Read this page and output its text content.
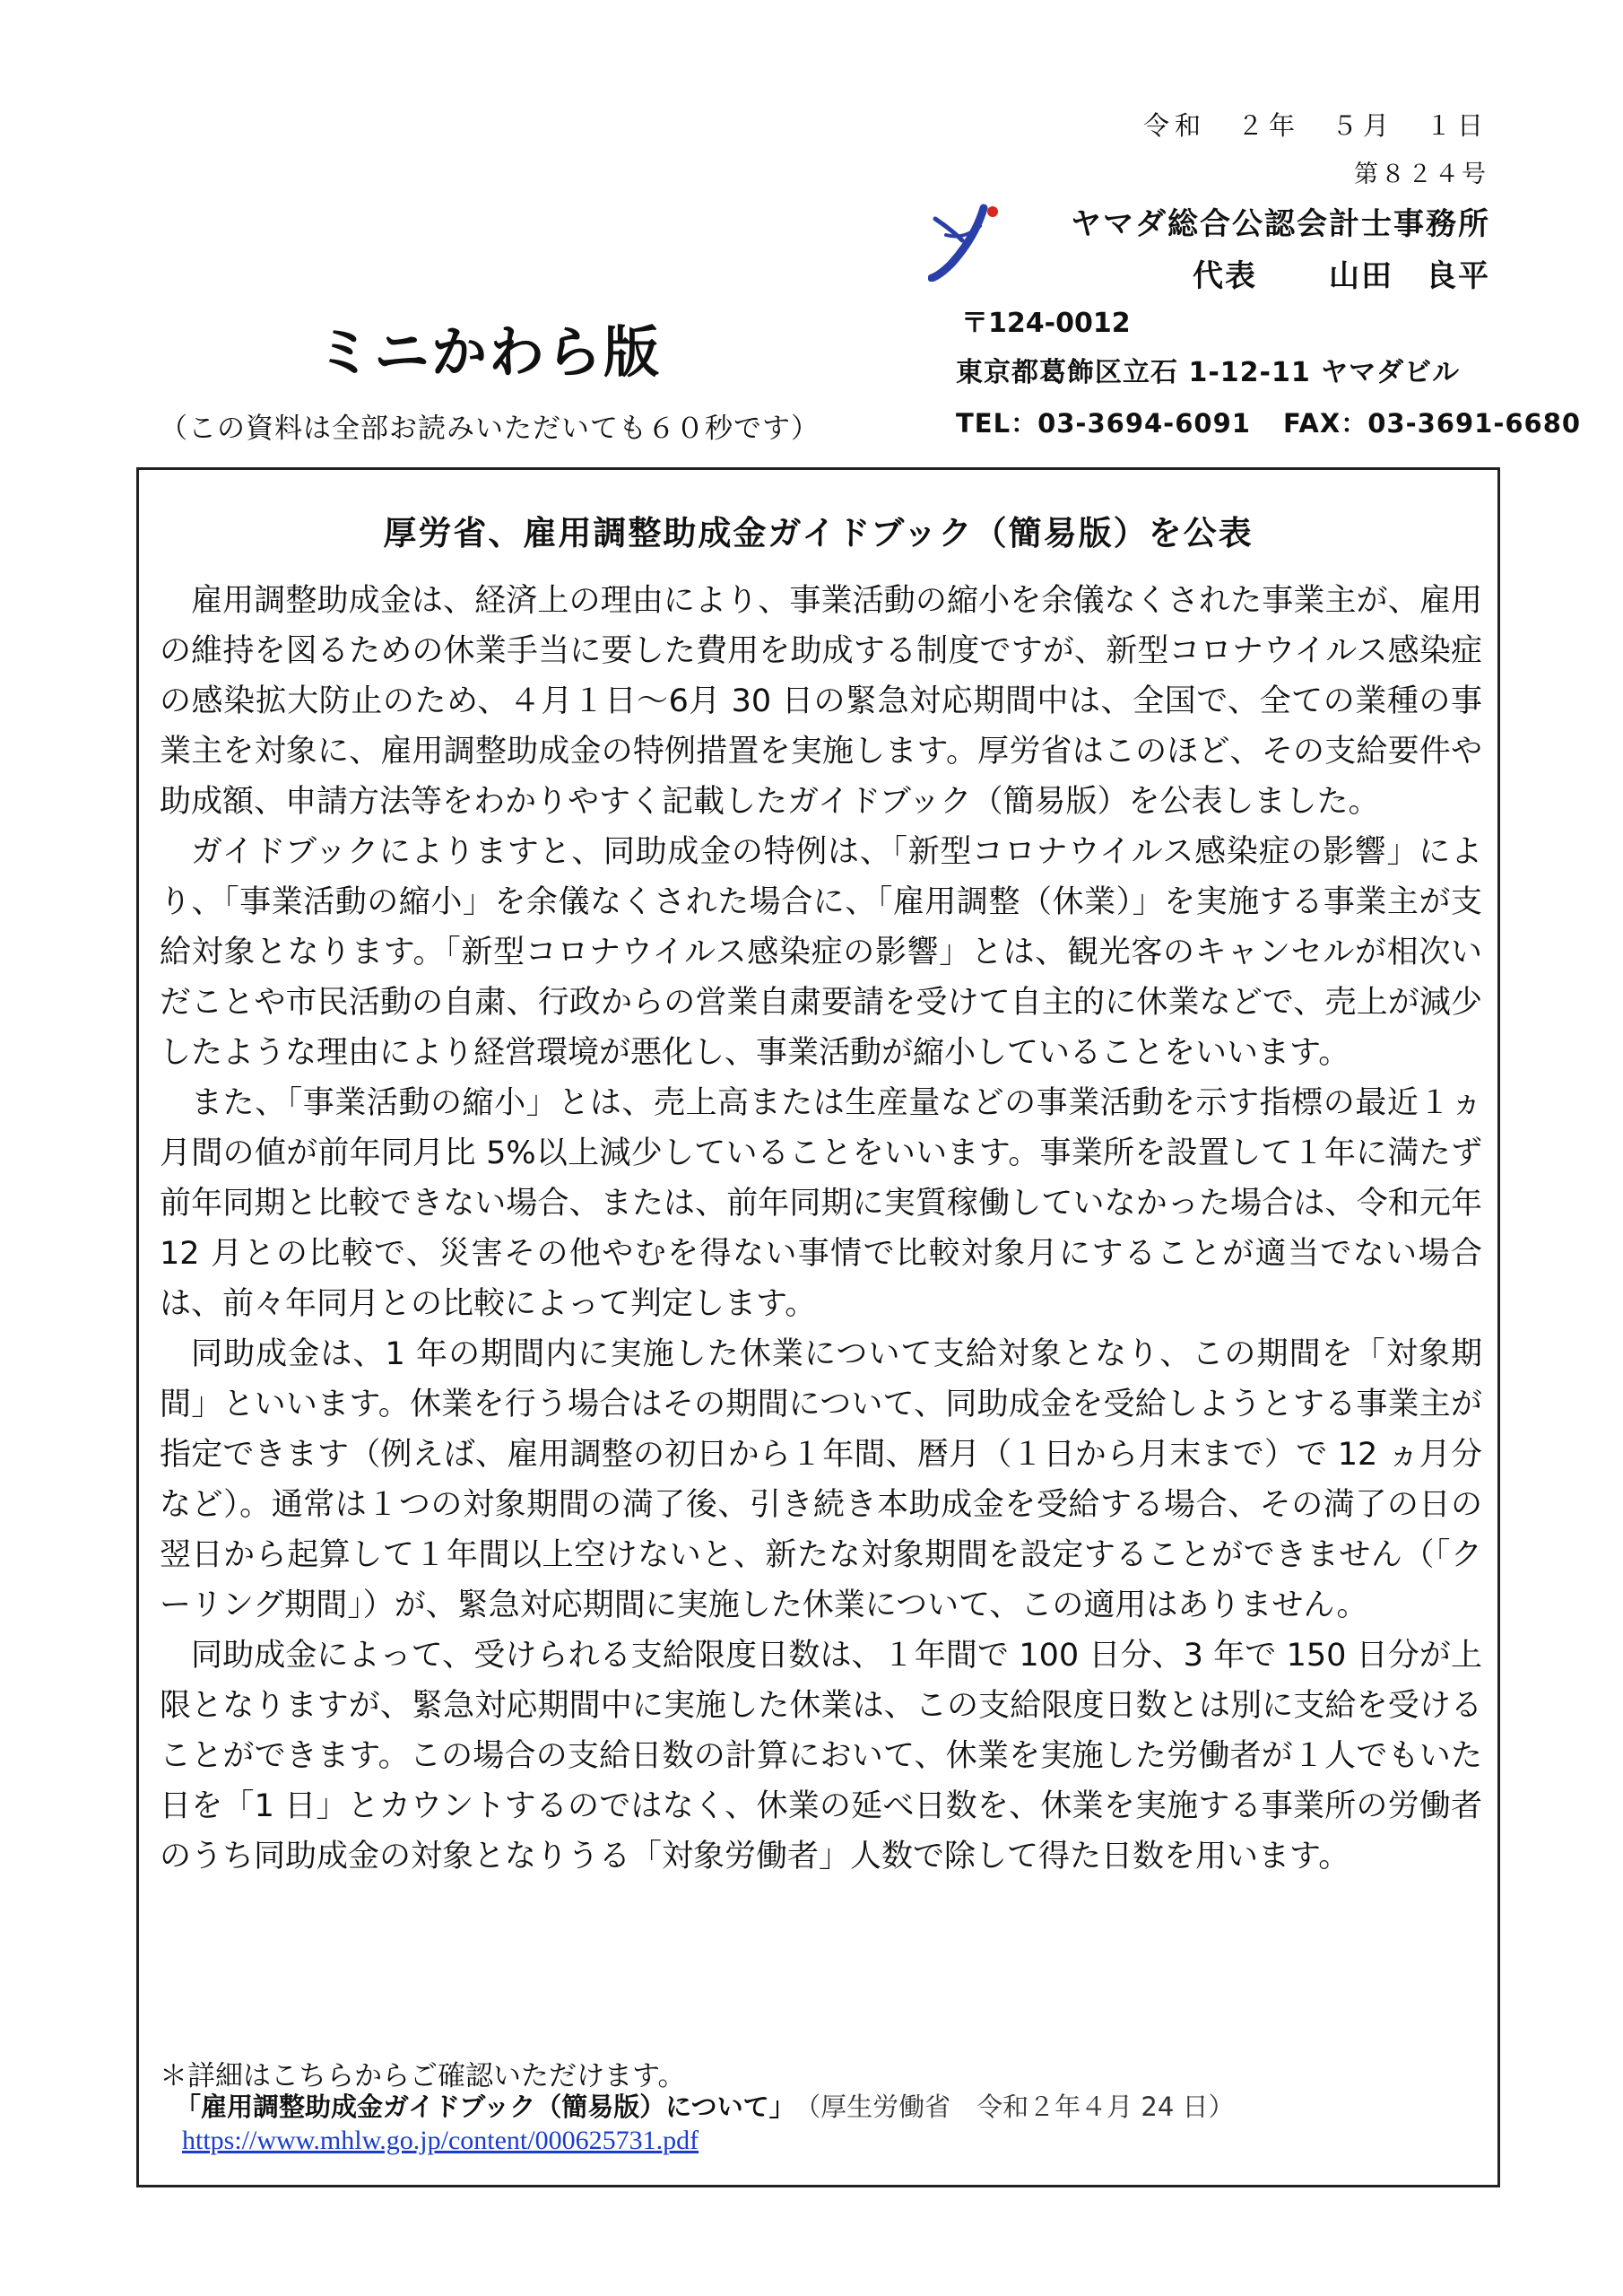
令和　２年　５月　１日
第８２４号
ヤマダ総合公認会計士事務所
代表 山田　良平
〒124-0012
東京都葛飾区立石 1-12-11 ヤマダビル
TEL：03-3694-6091 FAX：03-3691-6680
ミニかわら版
（この資料は全部お読みいただいても６０秒です）
厚労省、雇用調整助成金ガイドブック（簡易版）を公表

雇用調整助成金は、経済上の理由により、事業活動の縮小を余儀なくされた事業主が、雇用の維持を図るための休業手当に要した費用を助成する制度ですが、新型コロナウイルス感染症の感染拡大防止のため、４月１日～6月 30 日の緊急対応期間中は、全国で、全ての業種の事業主を対象に、雇用調整助成金の特例措置を実施します。厚労省はこのほど、その支給要件や助成額、申請方法等をわかりやすく記載したガイドブック（簡易版）を公表しました。

ガイドブックによりますと、同助成金の特例は、「新型コロナウイルス感染症の影響」により、「事業活動の縮小」を余儀なくされた場合に、「雇用調整（休業）」を実施する事業主が支給対象となります。「新型コロナウイルス感染症の影響」とは、観光客のキャンセルが相次いだことや市民活動の自粛、行政からの営業自粛要請を受けて自主的に休業などで、売上が減少したような理由により経営環境が悪化し、事業活動が縮小していることをいいます。

また、「事業活動の縮小」とは、売上高または生産量などの事業活動を示す指標の最近１ヵ月間の値が前年同月比 5%以上減少していることをいいます。事業所を設置して１年に満たず前年同期と比較できない場合、または、前年同期に実質稼働していなかった場合は、令和元年 12 月との比較で、災害その他やむを得ない事情で比較対象月にすることが適当でない場合は、前々年同月との比較によって判定します。

同助成金は、1 年の期間内に実施した休業について支給対象となり、この期間を「対象期間」といいます。休業を行う場合はその期間について、同助成金を受給しようとする事業主が指定できます（例えば、雇用調整の初日から１年間、暦月（１日から月末まで）で 12 ヵ月分など）。通常は１つの対象期間の満了後、引き続き本助成金を受給する場合、その満了の日の翌日から起算して１年間以上空けないと、新たな対象期間を設定することができません（「クーリング期間」）が、緊急対応期間に実施した休業について、この適用はありません。

同助成金によって、受けられる支給限度日数は、１年間で 100 日分、3 年で 150 日分が上限となりますが、緊急対応期間中に実施した休業は、この支給限度日数とは別に支給を受けることができます。この場合の支給日数の計算において、休業を実施した労働者が１人でもいた日を「1 日」とカウントするのではなく、休業の延べ日数を、休業を実施する事業所の労働者のうち同助成金の対象となりうる「対象労働者」人数で除して得た日数を用います。

＊詳細はこちらからご確認いただけます。
「雇用調整助成金ガイドブック（簡易版）について」 （厚生労働省　令和２年４月 24 日）
https://www.mhlw.go.jp/content/000625731.pdf
